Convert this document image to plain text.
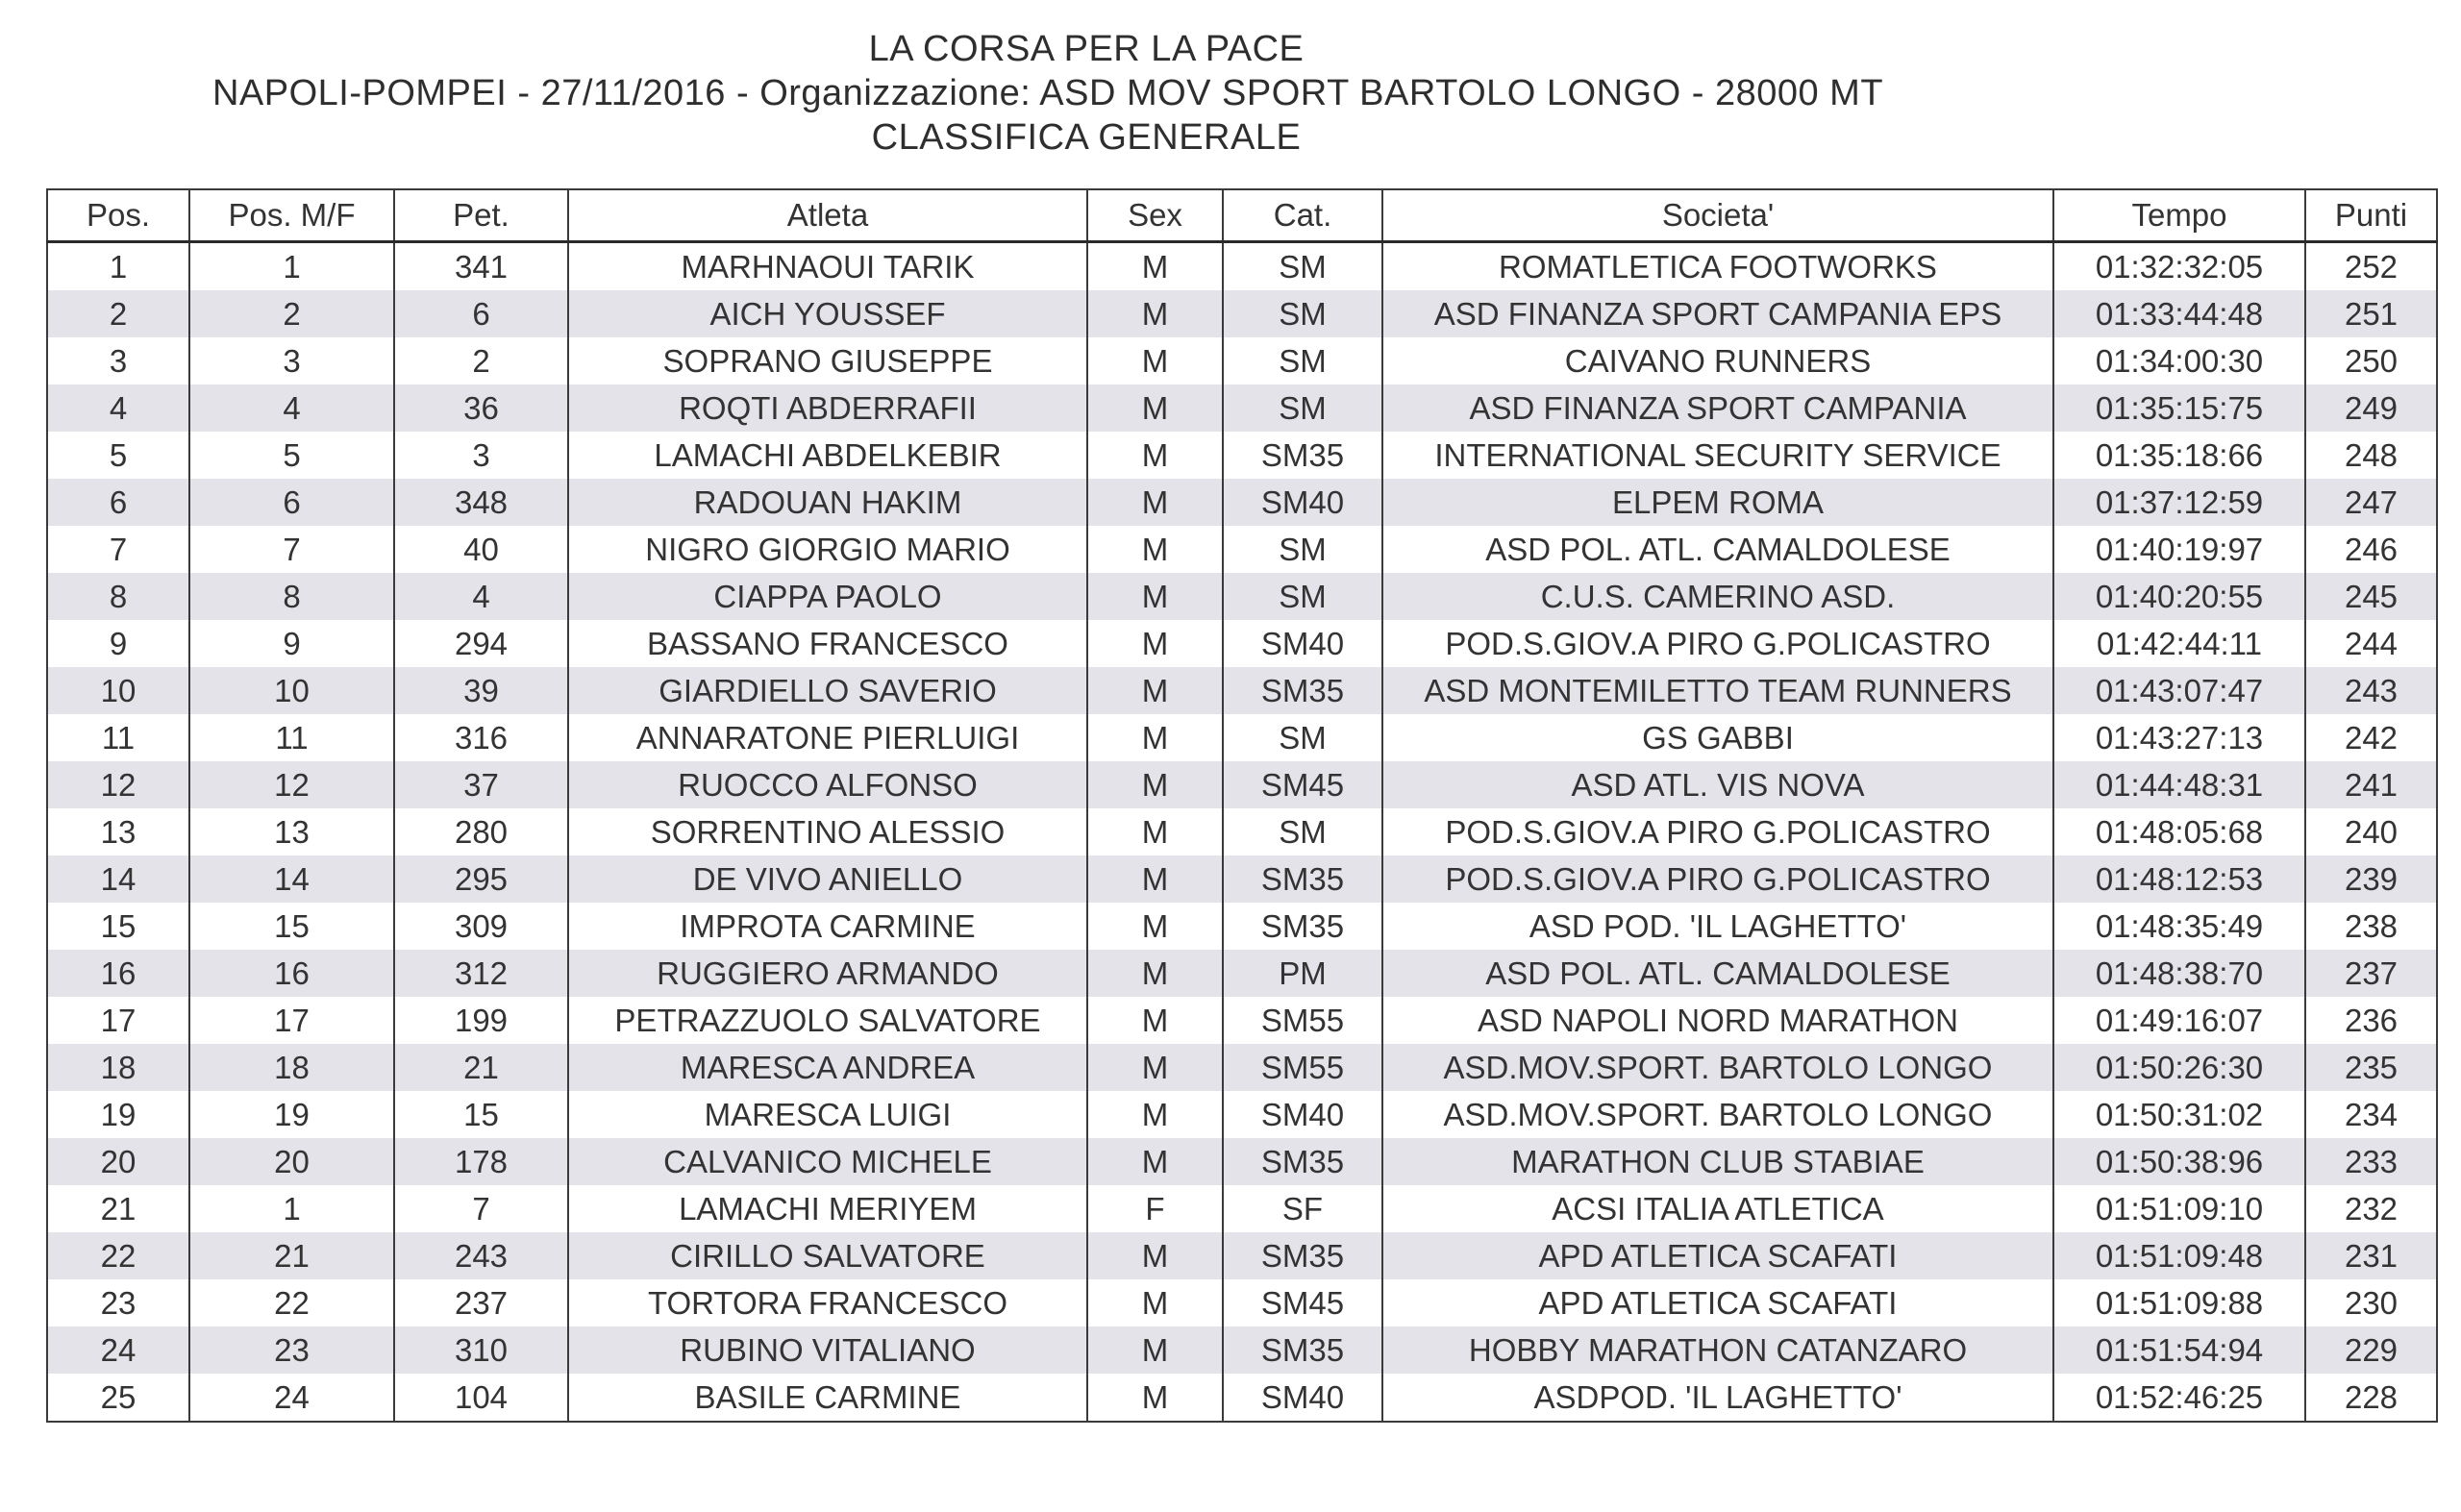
LA CORSA PER LA PACE
NAPOLI-POMPEI - 27/11/2016 - Organizzazione: ASD MOV SPORT BARTOLO LONGO - 28000 MT
CLASSIFICA GENERALE
Pos.	Pos. M/F	Pet.	Atleta	Sex	Cat.	Societa'	Tempo	Punti
1	1	341	MARHNAOUI TARIK	M	SM	ROMATLETICA FOOTWORKS	01:32:32:05	252
2	2	6	AICH YOUSSEF	M	SM	ASD FINANZA SPORT CAMPANIA EPS	01:33:44:48	251
3	3	2	SOPRANO GIUSEPPE	M	SM	CAIVANO RUNNERS	01:34:00:30	250
4	4	36	ROQTI ABDERRAFII	M	SM	ASD FINANZA SPORT CAMPANIA	01:35:15:75	249
5	5	3	LAMACHI ABDELKEBIR	M	SM35	INTERNATIONAL SECURITY SERVICE	01:35:18:66	248
6	6	348	RADOUAN HAKIM	M	SM40	ELPEM ROMA	01:37:12:59	247
7	7	40	NIGRO GIORGIO MARIO	M	SM	ASD POL. ATL. CAMALDOLESE	01:40:19:97	246
8	8	4	CIAPPA PAOLO	M	SM	C.U.S. CAMERINO ASD.	01:40:20:55	245
9	9	294	BASSANO FRANCESCO	M	SM40	POD.S.GIOV.A PIRO G.POLICASTRO	01:42:44:11	244
10	10	39	GIARDIELLO SAVERIO	M	SM35	ASD MONTEMILETTO TEAM RUNNERS	01:43:07:47	243
11	11	316	ANNARATONE PIERLUIGI	M	SM	GS GABBI	01:43:27:13	242
12	12	37	RUOCCO ALFONSO	M	SM45	ASD ATL. VIS NOVA	01:44:48:31	241
13	13	280	SORRENTINO ALESSIO	M	SM	POD.S.GIOV.A PIRO G.POLICASTRO	01:48:05:68	240
14	14	295	DE VIVO ANIELLO	M	SM35	POD.S.GIOV.A PIRO G.POLICASTRO	01:48:12:53	239
15	15	309	IMPROTA CARMINE	M	SM35	ASD POD. 'IL LAGHETTO'	01:48:35:49	238
16	16	312	RUGGIERO ARMANDO	M	PM	ASD POL. ATL. CAMALDOLESE	01:48:38:70	237
17	17	199	PETRAZZUOLO SALVATORE	M	SM55	ASD NAPOLI NORD MARATHON	01:49:16:07	236
18	18	21	MARESCA ANDREA	M	SM55	ASD.MOV.SPORT. BARTOLO LONGO	01:50:26:30	235
19	19	15	MARESCA LUIGI	M	SM40	ASD.MOV.SPORT. BARTOLO LONGO	01:50:31:02	234
20	20	178	CALVANICO MICHELE	M	SM35	MARATHON CLUB STABIAE	01:50:38:96	233
21	1	7	LAMACHI MERIYEM	F	SF	ACSI ITALIA ATLETICA	01:51:09:10	232
22	21	243	CIRILLO SALVATORE	M	SM35	APD ATLETICA SCAFATI	01:51:09:48	231
23	22	237	TORTORA FRANCESCO	M	SM45	APD ATLETICA SCAFATI	01:51:09:88	230
24	23	310	RUBINO VITALIANO	M	SM35	HOBBY MARATHON CATANZARO	01:51:54:94	229
25	24	104	BASILE CARMINE	M	SM40	ASDPOD. 'IL LAGHETTO'	01:52:46:25	228
